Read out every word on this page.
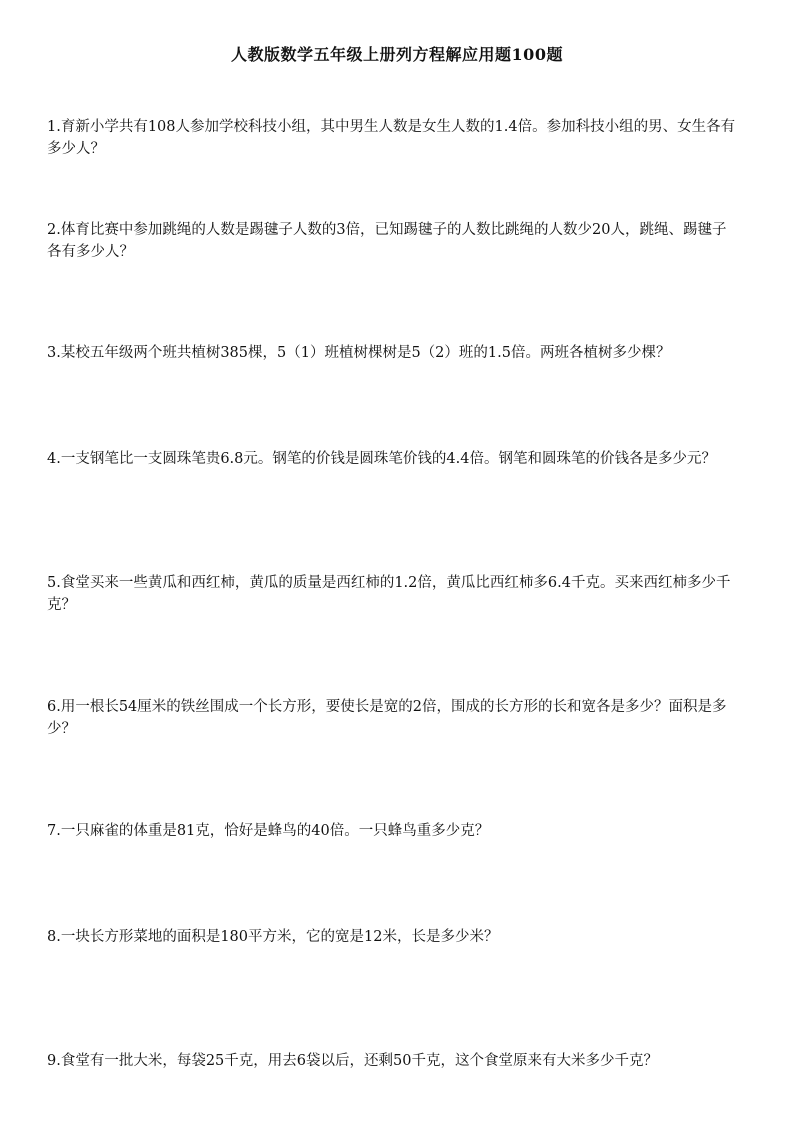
人教版数学五年级上册列方程解应用题100题
1.育新小学共有108人参加学校科技小组，其中男生人数是女生人数的1.4倍。参加科技小组的男、女生各有多少人？
2.体育比赛中参加跳绳的人数是踢毽子人数的3倍，已知踢毽子的人数比跳绳的人数少20人，跳绳、踢毽子各有多少人？
3.某校五年级两个班共植树385棵，5（1）班植树棵树是5（2）班的1.5倍。两班各植树多少棵？
4.一支钢笔比一支圆珠笔贵6.8元。钢笔的价钱是圆珠笔价钱的4.4倍。钢笔和圆珠笔的价钱各是多少元？
5.食堂买来一些黄瓜和西红柿，黄瓜的质量是西红柿的1.2倍，黄瓜比西红柿多6.4千克。买来西红柿多少千克？
6.用一根长54厘米的铁丝围成一个长方形，要使长是宽的2倍，围成的长方形的长和宽各是多少？面积是多少？
7.一只麻雀的体重是81克，恰好是蜂鸟的40倍。一只蜂鸟重多少克？
8.一块长方形菜地的面积是180平方米，它的宽是12米，长是多少米？
9.食堂有一批大米，每袋25千克，用去6袋以后，还剩50千克，这个食堂原来有大米多少千克？
